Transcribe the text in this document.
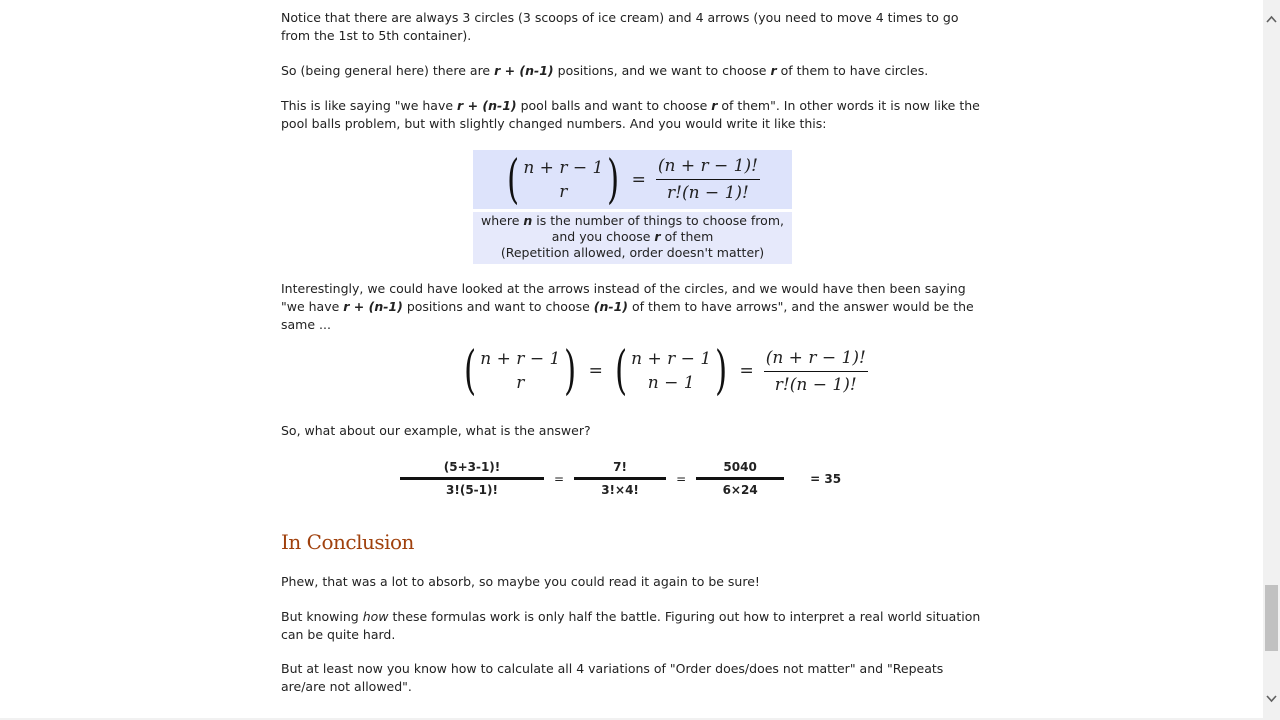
Notice that there are always 3 circles (3 scoops of ice cream) and 4 arrows (you need to move 4 times to go from the 1st to 5th container).

So (being general here) there are r + (n-1) positions, and we want to choose r of them to have circles.

This is like saying "we have r + (n-1) pool balls and want to choose r of them". In other words it is now like the pool balls problem, but with slightly changed numbers. And you would write it like this:

Interestingly, we could have looked at the arrows instead of the circles, and we would have then been saying "we have r + (n-1) positions and want to choose (n-1) of them to have arrows", and the answer would be the same ...

So, what about our example, what is the answer?

Phew, that was a lot to absorb, so maybe you could read it again to be sure!

But knowing how these formulas work is only half the battle. Figuring out how to interpret a real world situation can be quite hard.

But at least now you know how to calculate all 4 variations of "Order does/does not matter" and "Repeats are/are not allowed".

( n + r − 1
r ) = $\frac{(n + r - 1)!}{r!(n - 1)!}$
where n is the number of things to choose from,
and you choose r of them
(Repetition allowed, order doesn't matter)
( n + r − 1
r ) = ( n + r − 1
n − 1 ) = $\frac{(n + r - 1)!}{r!(n - 1)!}$
(5+3-1)!
3!(5-1)!
=
7!
3!×4!
=
5040
6×24
= 35
In Conclusion
